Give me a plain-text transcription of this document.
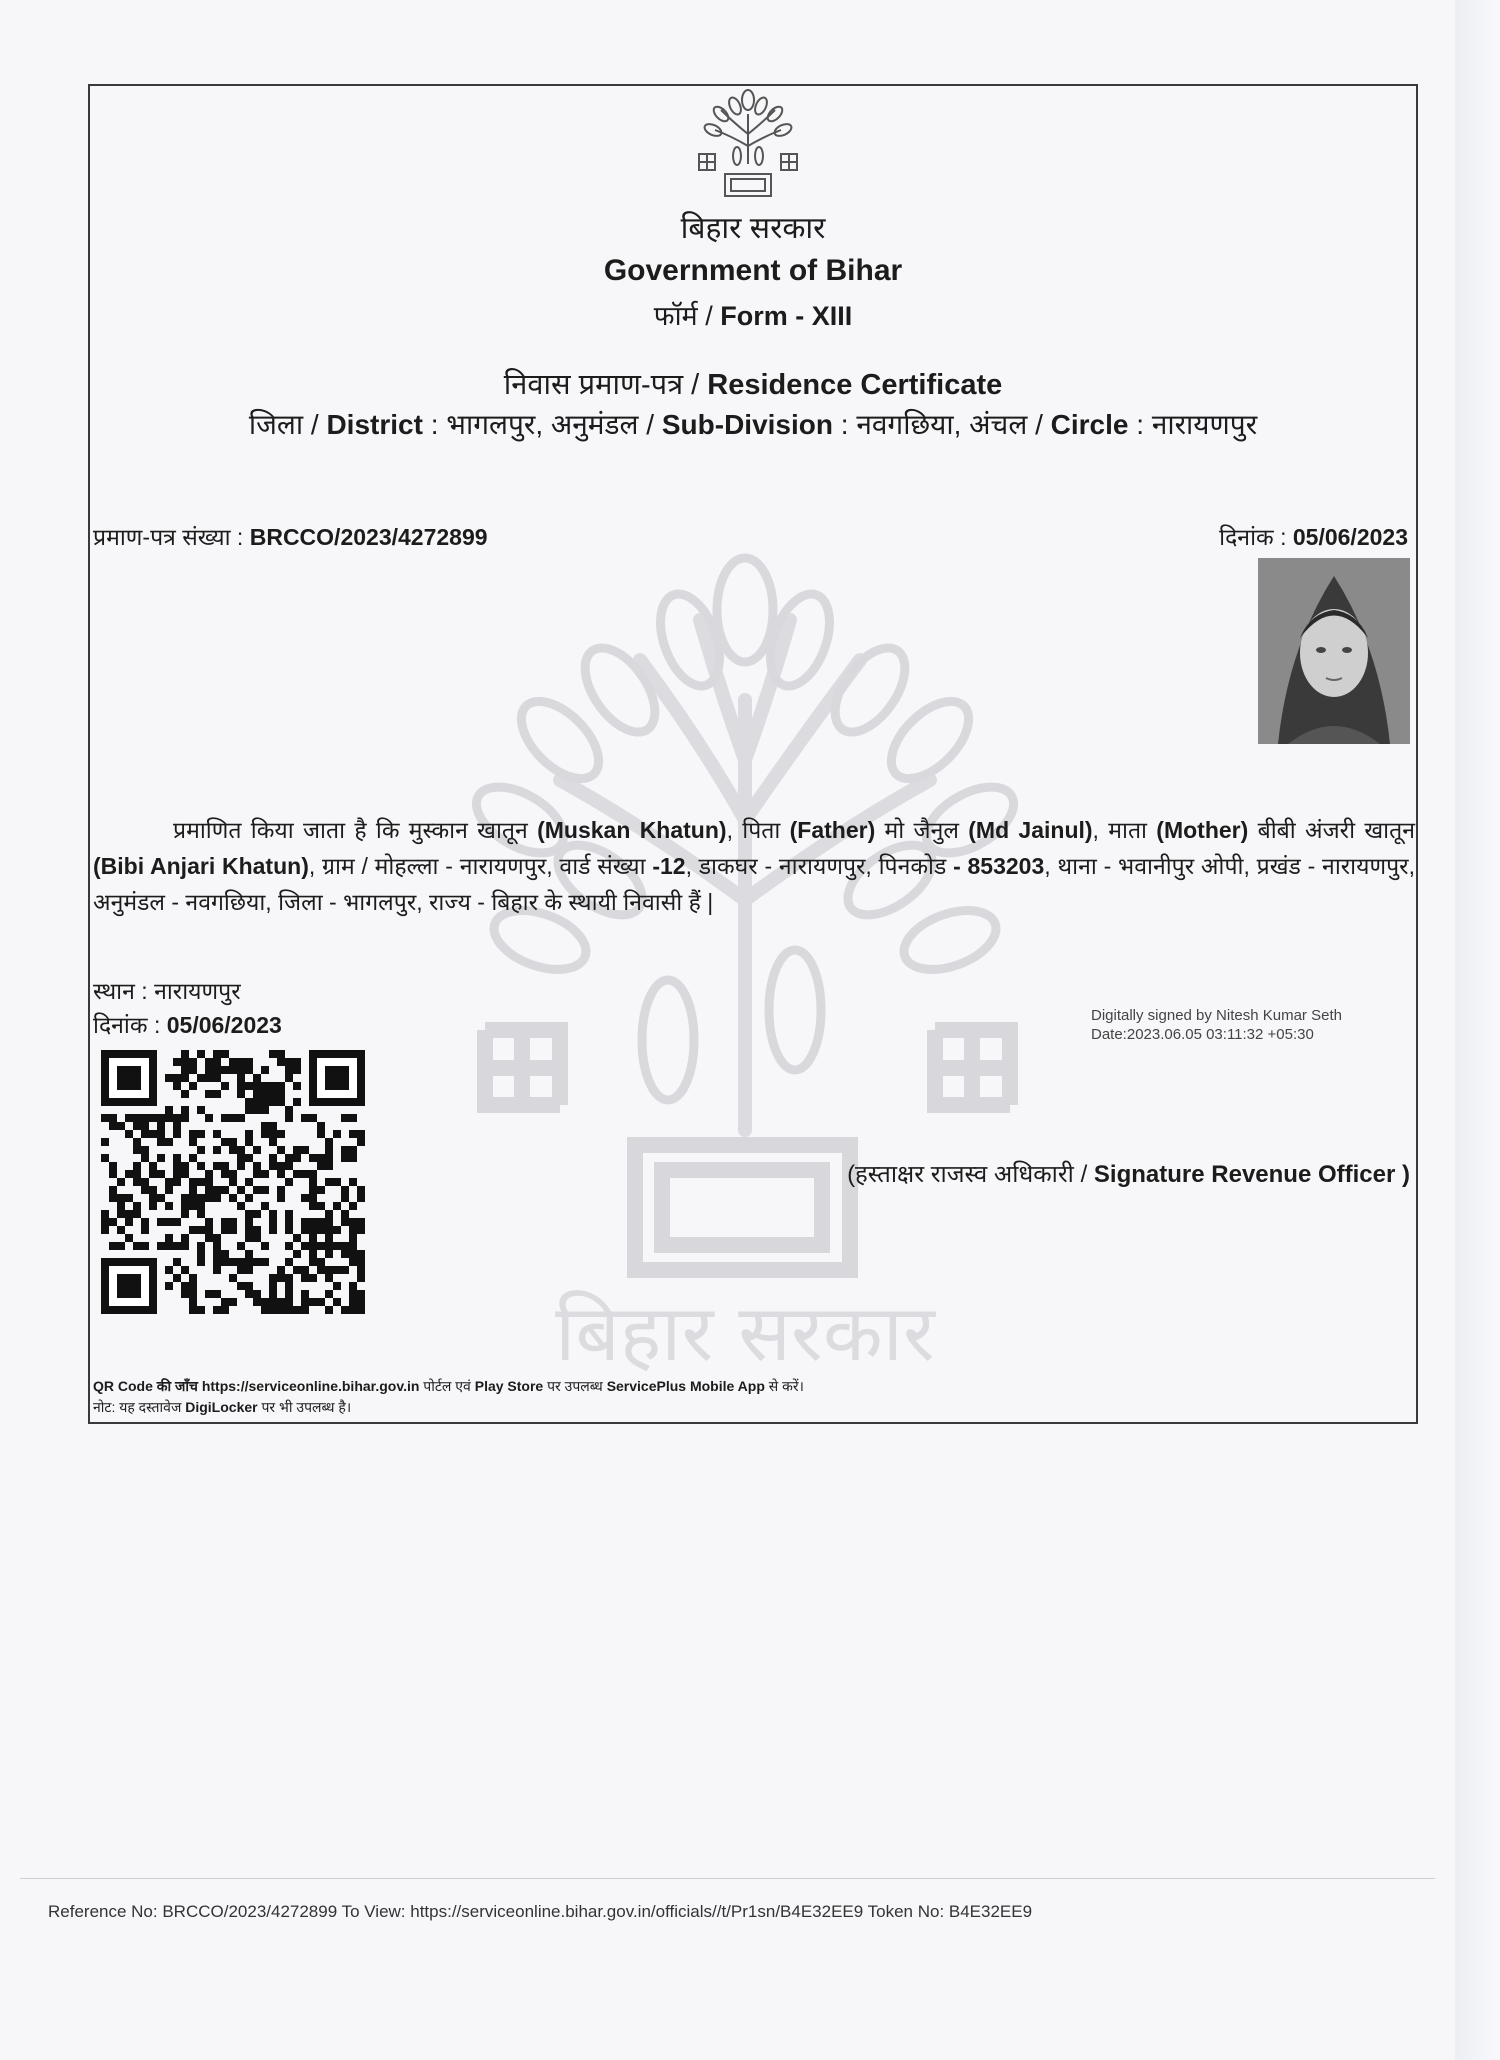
बिहार सरकार
बिहार सरकार
Government of Bihar
फॉर्म / Form - XIII
निवास प्रमाण-पत्र / Residence Certificate
जिला / District : भागलपुर, अनुमंडल / Sub-Division : नवगछिया, अंचल / Circle : नारायणपुर
प्रमाण-पत्र संख्या : BRCCO/2023/4272899	दिनांक : 05/06/2023
प्रमाणित किया जाता है कि मुस्कान खातून (Muskan Khatun), पिता (Father) मो जैनुल (Md Jainul), माता (Mother) बीबी अंजरी खातून (Bibi Anjari Khatun), ग्राम / मोहल्ला - नारायणपुर, वार्ड संख्या -12, डाकघर - नारायणपुर, पिनकोड - 853203, थाना - भवानीपुर ओपी, प्रखंड - नारायणपुर, अनुमंडल - नवगछिया, जिला - भागलपुर, राज्य - बिहार के स्थायी निवासी हैं |
स्थान : नारायणपुर
दिनांक : 05/06/2023	Digitally signed by Nitesh Kumar Seth
Date:2023.06.05 03:11:32 +05:30
(हस्ताक्षर राजस्व अधिकारी / Signature Revenue Officer )
QR Code की जाँच https://serviceonline.bihar.gov.in पोर्टल एवं Play Store पर उपलब्ध ServicePlus Mobile App से करें।
नोट: यह दस्तावेज DigiLocker पर भी उपलब्ध है।
Reference No: BRCCO/2023/4272899 To View: https://serviceonline.bihar.gov.in/officials//t/Pr1sn/B4E32EE9 Token No: B4E32EE9
